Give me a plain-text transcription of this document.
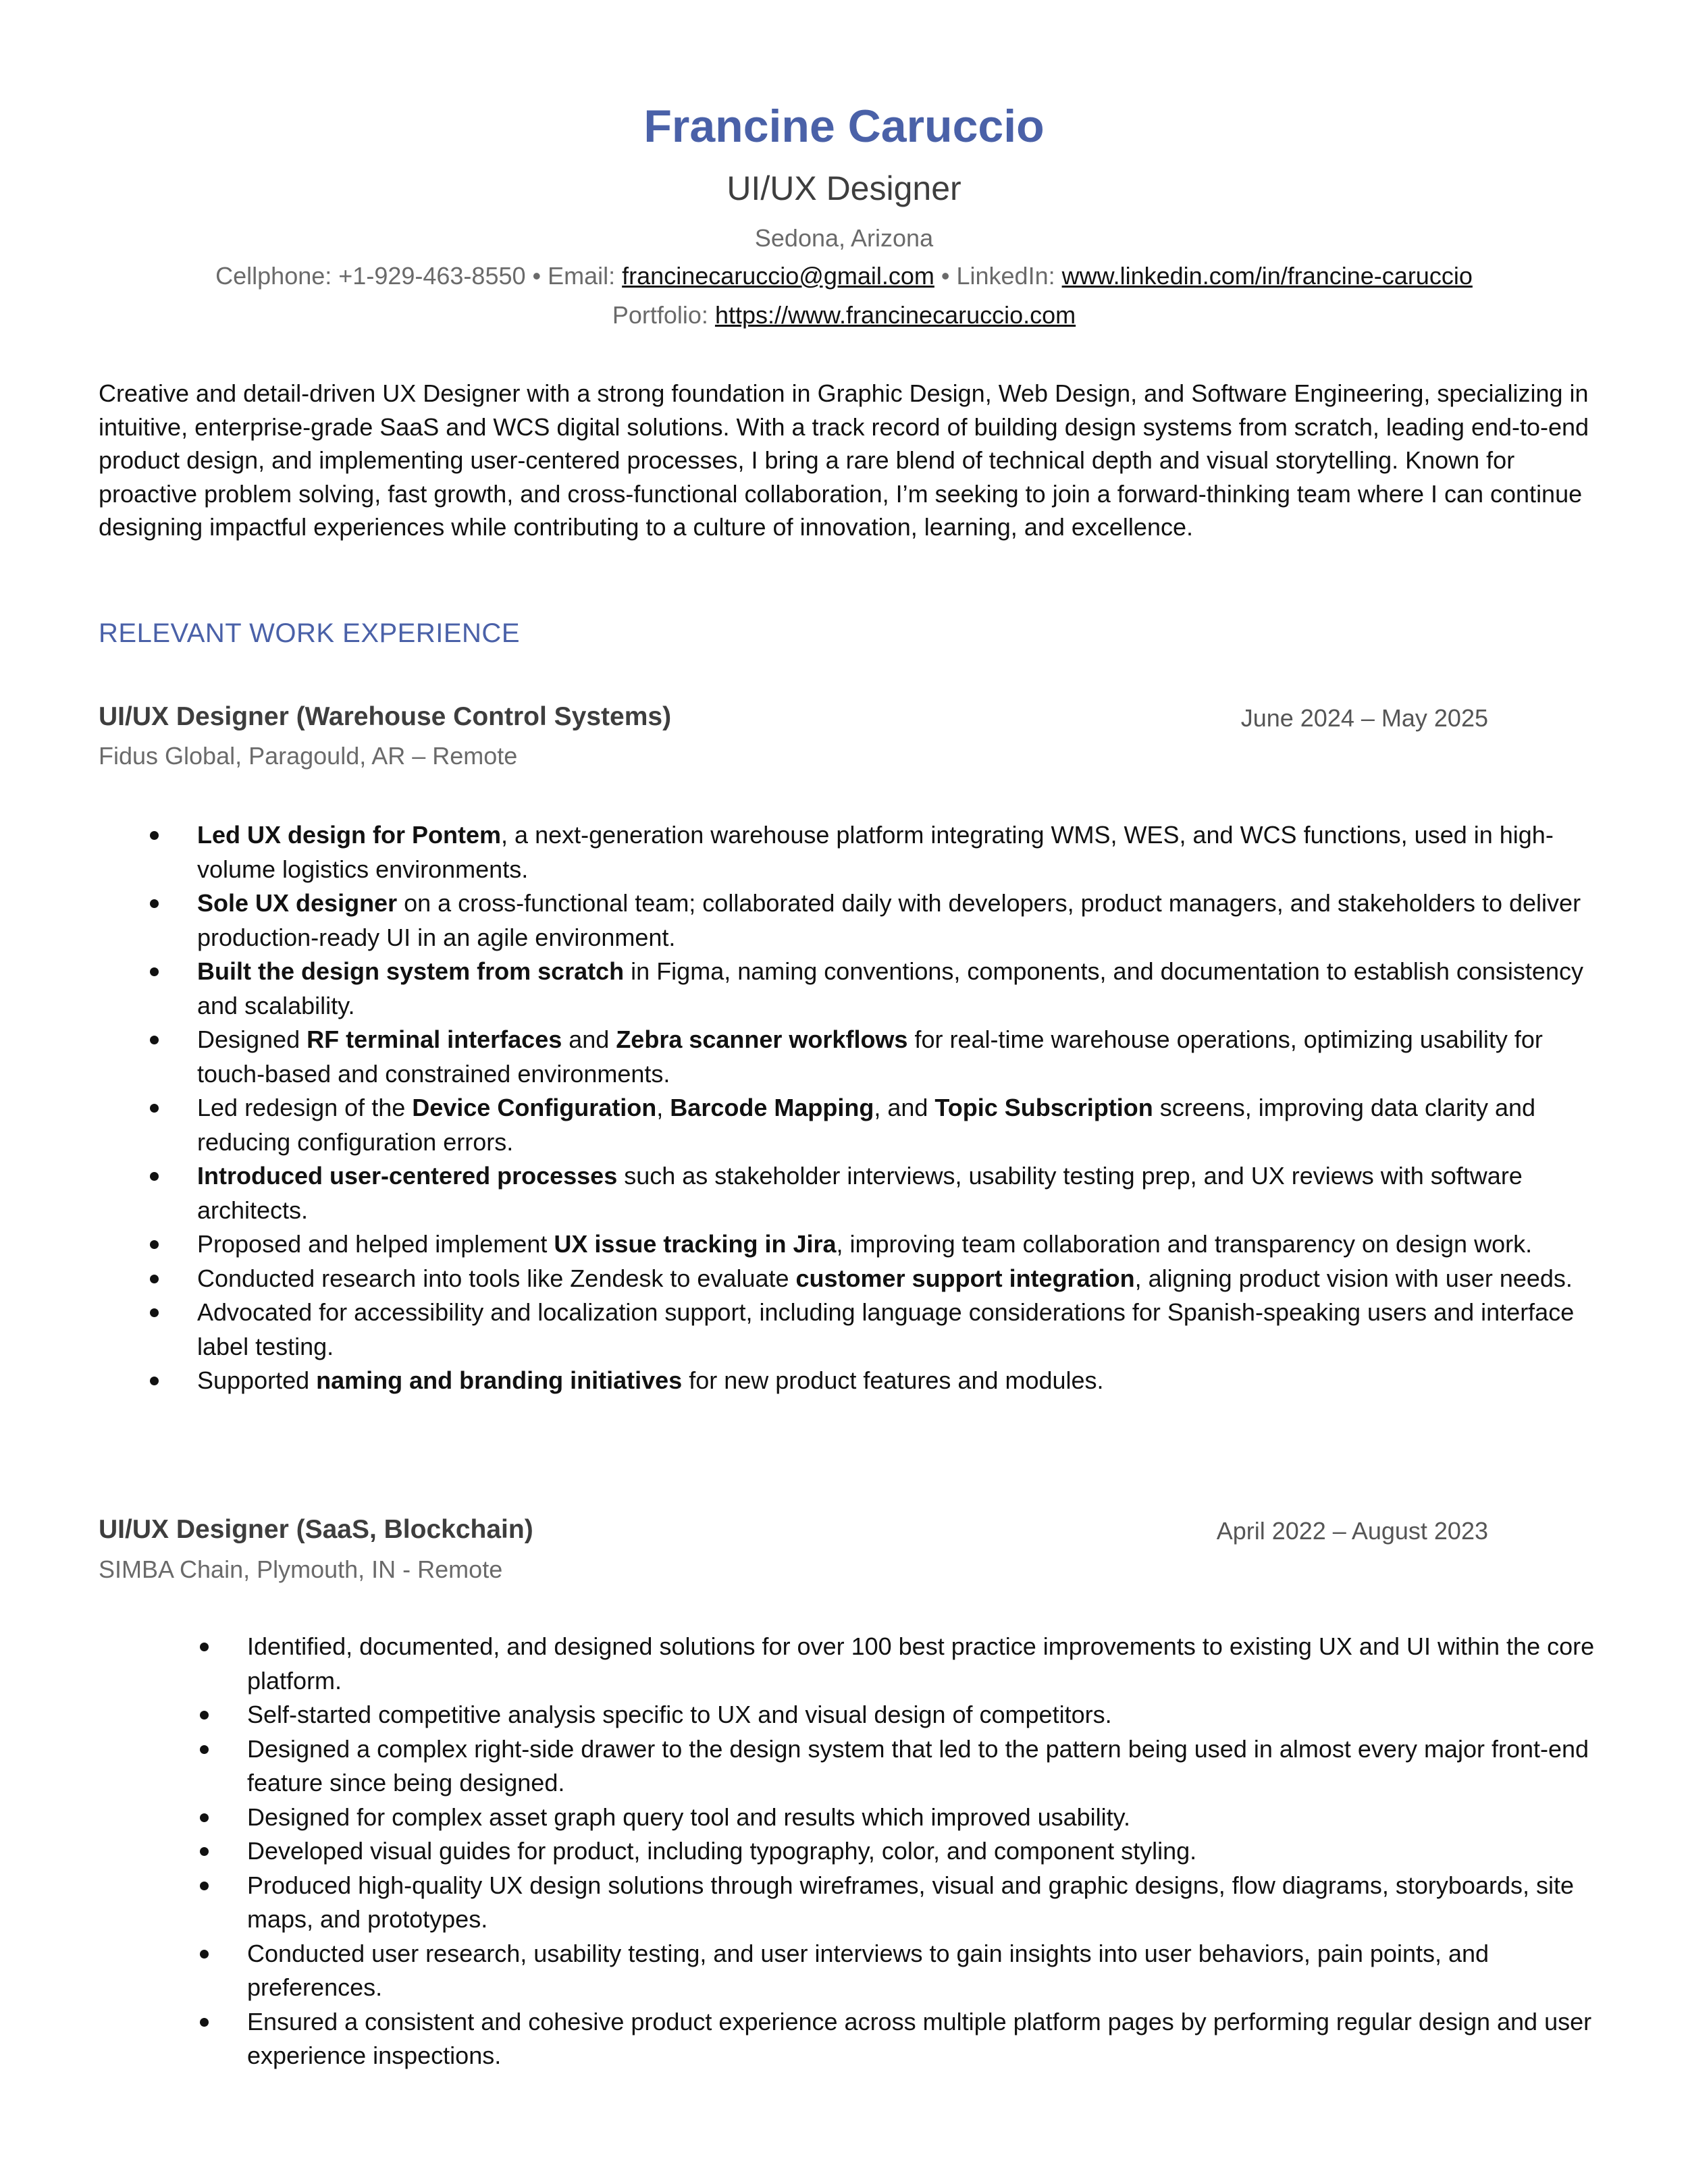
Francine Caruccio
UI/UX Designer
Sedona, Arizona
Cellphone: +1-929-463-8550 • Email: francinecaruccio@gmail.com • LinkedIn: www.linkedin.com/in/francine-caruccio
Portfolio: https://www.francinecaruccio.com

Creative and detail-driven UX Designer with a strong foundation in Graphic Design, Web Design, and Software Engineering, specializing in intuitive, enterprise-grade SaaS and WCS digital solutions. With a track record of building design systems from scratch, leading end-to-end product design, and implementing user-centered processes, I bring a rare blend of technical depth and visual storytelling. Known for proactive problem solving, fast growth, and cross-functional collaboration, I’m seeking to join a forward-thinking team where I can continue designing impactful experiences while contributing to a culture of innovation, learning, and excellence.

RELEVANT WORK EXPERIENCE
UI/UX Designer (Warehouse Control Systems)	June 2024 – May 2025
Fidus Global, Paragould, AR – Remote
Led UX design for Pontem, a next-generation warehouse platform integrating WMS, WES, and WCS functions, used in high-volume logistics environments.
Sole UX designer on a cross-functional team; collaborated daily with developers, product managers, and stakeholders to deliver production-ready UI in an agile environment.
Built the design system from scratch in Figma, naming conventions, components, and documentation to establish consistency and scalability.
Designed RF terminal interfaces and Zebra scanner workflows for real-time warehouse operations, optimizing usability for touch-based and constrained environments.
Led redesign of the Device Configuration, Barcode Mapping, and Topic Subscription screens, improving data clarity and reducing configuration errors.
Introduced user-centered processes such as stakeholder interviews, usability testing prep, and UX reviews with software architects.
Proposed and helped implement UX issue tracking in Jira, improving team collaboration and transparency on design work.
Conducted research into tools like Zendesk to evaluate customer support integration, aligning product vision with user needs.
Advocated for accessibility and localization support, including language considerations for Spanish-speaking users and interface label testing.
Supported naming and branding initiatives for new product features and modules.
UI/UX Designer (SaaS, Blockchain)	April 2022 – August 2023
SIMBA Chain, Plymouth, IN - Remote
Identified, documented, and designed solutions for over 100 best practice improvements to existing UX and UI within the core platform.
Self-started competitive analysis specific to UX and visual design of competitors.
Designed a complex right-side drawer to the design system that led to the pattern being used in almost every major front-end feature since being designed.
Designed for complex asset graph query tool and results which improved usability.
Developed visual guides for product, including typography, color, and component styling.
Produced high-quality UX design solutions through wireframes, visual and graphic designs, flow diagrams, storyboards, site maps, and prototypes.
Conducted user research, usability testing, and user interviews to gain insights into user behaviors, pain points, and preferences.
Ensured a consistent and cohesive product experience across multiple platform pages by performing regular design and user experience inspections.
